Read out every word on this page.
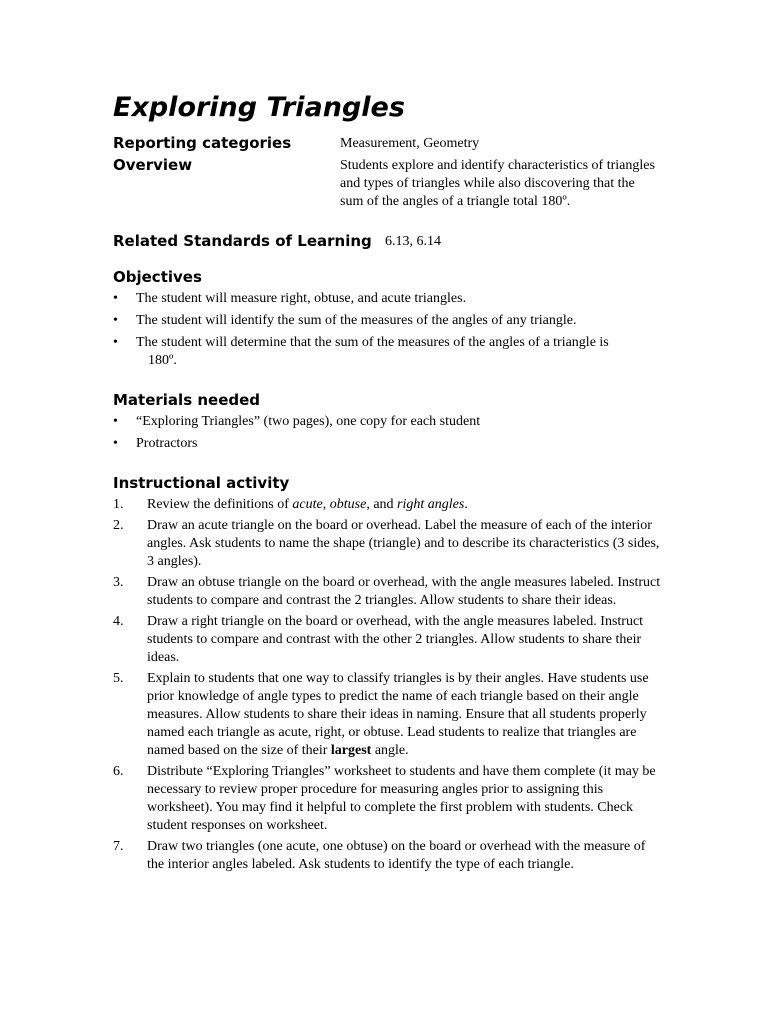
Exploring Triangles
Reporting categories	Measurement, Geometry
Overview	Students explore and identify characteristics of triangles and types of triangles while also discovering that the sum of the angles of a triangle total 180º.
Related Standards of Learning 6.13, 6.14
Objectives
• The student will measure right, obtuse, and acute triangles.
• The student will identify the sum of the measures of the angles of any triangle.
• The student will determine that the sum of the measures of the angles of a triangle is
180º.
Materials needed
• “Exploring Triangles” (two pages), one copy for each student
• Protractors
Instructional activity
1. Review the definitions of acute, obtuse, and right angles.
2. Draw an acute triangle on the board or overhead. Label the measure of each of the interior angles. Ask students to name the shape (triangle) and to describe its characteristics (3 sides, 3 angles).
3. Draw an obtuse triangle on the board or overhead, with the angle measures labeled. Instruct students to compare and contrast the 2 triangles. Allow students to share their ideas.
4. Draw a right triangle on the board or overhead, with the angle measures labeled. Instruct students to compare and contrast with the other 2 triangles. Allow students to share their ideas.
5. Explain to students that one way to classify triangles is by their angles. Have students use prior knowledge of angle types to predict the name of each triangle based on their angle measures. Allow students to share their ideas in naming. Ensure that all students properly named each triangle as acute, right, or obtuse. Lead students to realize that triangles are named based on the size of their largest angle.
6. Distribute “Exploring Triangles” worksheet to students and have them complete (it may be necessary to review proper procedure for measuring angles prior to assigning this worksheet). You may find it helpful to complete the first problem with students. Check student responses on worksheet.
7. Draw two triangles (one acute, one obtuse) on the board or overhead with the measure of the interior angles labeled. Ask students to identify the type of each triangle.
